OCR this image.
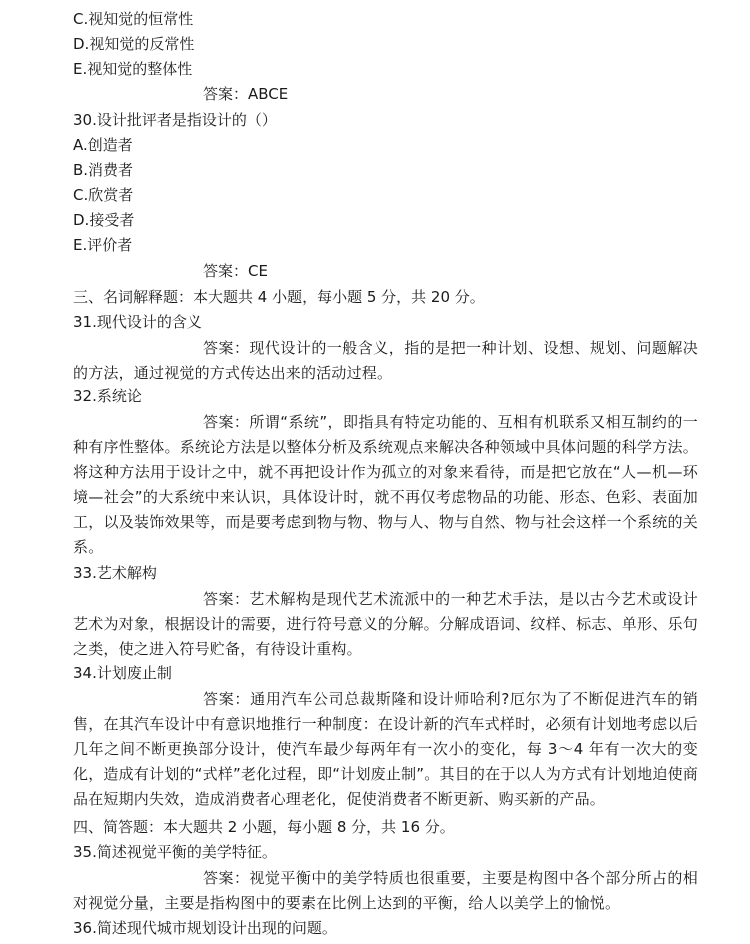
C.视知觉的恒常性
D.视知觉的反常性
E.视知觉的整体性
答案：ABCE
30.设计批评者是指设计的（）
A.创造者
B.消费者
C.欣赏者
D.接受者
E.评价者
答案：CE
三、名词解释题：本大题共 4 小题，每小题 5 分，共 20 分。
31.现代设计的含义
答案：现代设计的一般含义，指的是把一种计划、设想、规划、问题解决的方法，通过视觉的方式传达出来的活动过程。
32.系统论
答案：所谓“系统”，即指具有特定功能的、互相有机联系又相互制约的一种有序性整体。系统论方法是以整体分析及系统观点来解决各种领域中具体问题的科学方法。将这种方法用于设计之中，就不再把设计作为孤立的对象来看待，而是把它放在“人—机—环境—社会”的大系统中来认识，具体设计时，就不再仅考虑物品的功能、形态、色彩、表面加工，以及装饰效果等，而是要考虑到物与物、物与人、物与自然、物与社会这样一个系统的关系。
33.艺术解构
答案：艺术解构是现代艺术流派中的一种艺术手法，是以古今艺术或设计艺术为对象，根据设计的需要，进行符号意义的分解。分解成语词、纹样、标志、单形、乐句之类，使之进入符号贮备，有待设计重构。
34.计划废止制
答案：通用汽车公司总裁斯隆和设计师哈利?厄尔为了不断促进汽车的销售，在其汽车设计中有意识地推行一种制度：在设计新的汽车式样时，必须有计划地考虑以后几年之间不断更换部分设计，使汽车最少每两年有一次小的变化，每 3～4 年有一次大的变化，造成有计划的“式样”老化过程，即“计划废止制”。其目的在于以人为方式有计划地迫使商品在短期内失效，造成消费者心理老化，促使消费者不断更新、购买新的产品。
四、简答题：本大题共 2 小题，每小题 8 分，共 16 分。
35.简述视觉平衡的美学特征。
答案：视觉平衡中的美学特质也很重要，主要是构图中各个部分所占的相对视觉分量，主要是指构图中的要素在比例上达到的平衡，给人以美学上的愉悦。
36.简述现代城市规划设计出现的问题。
